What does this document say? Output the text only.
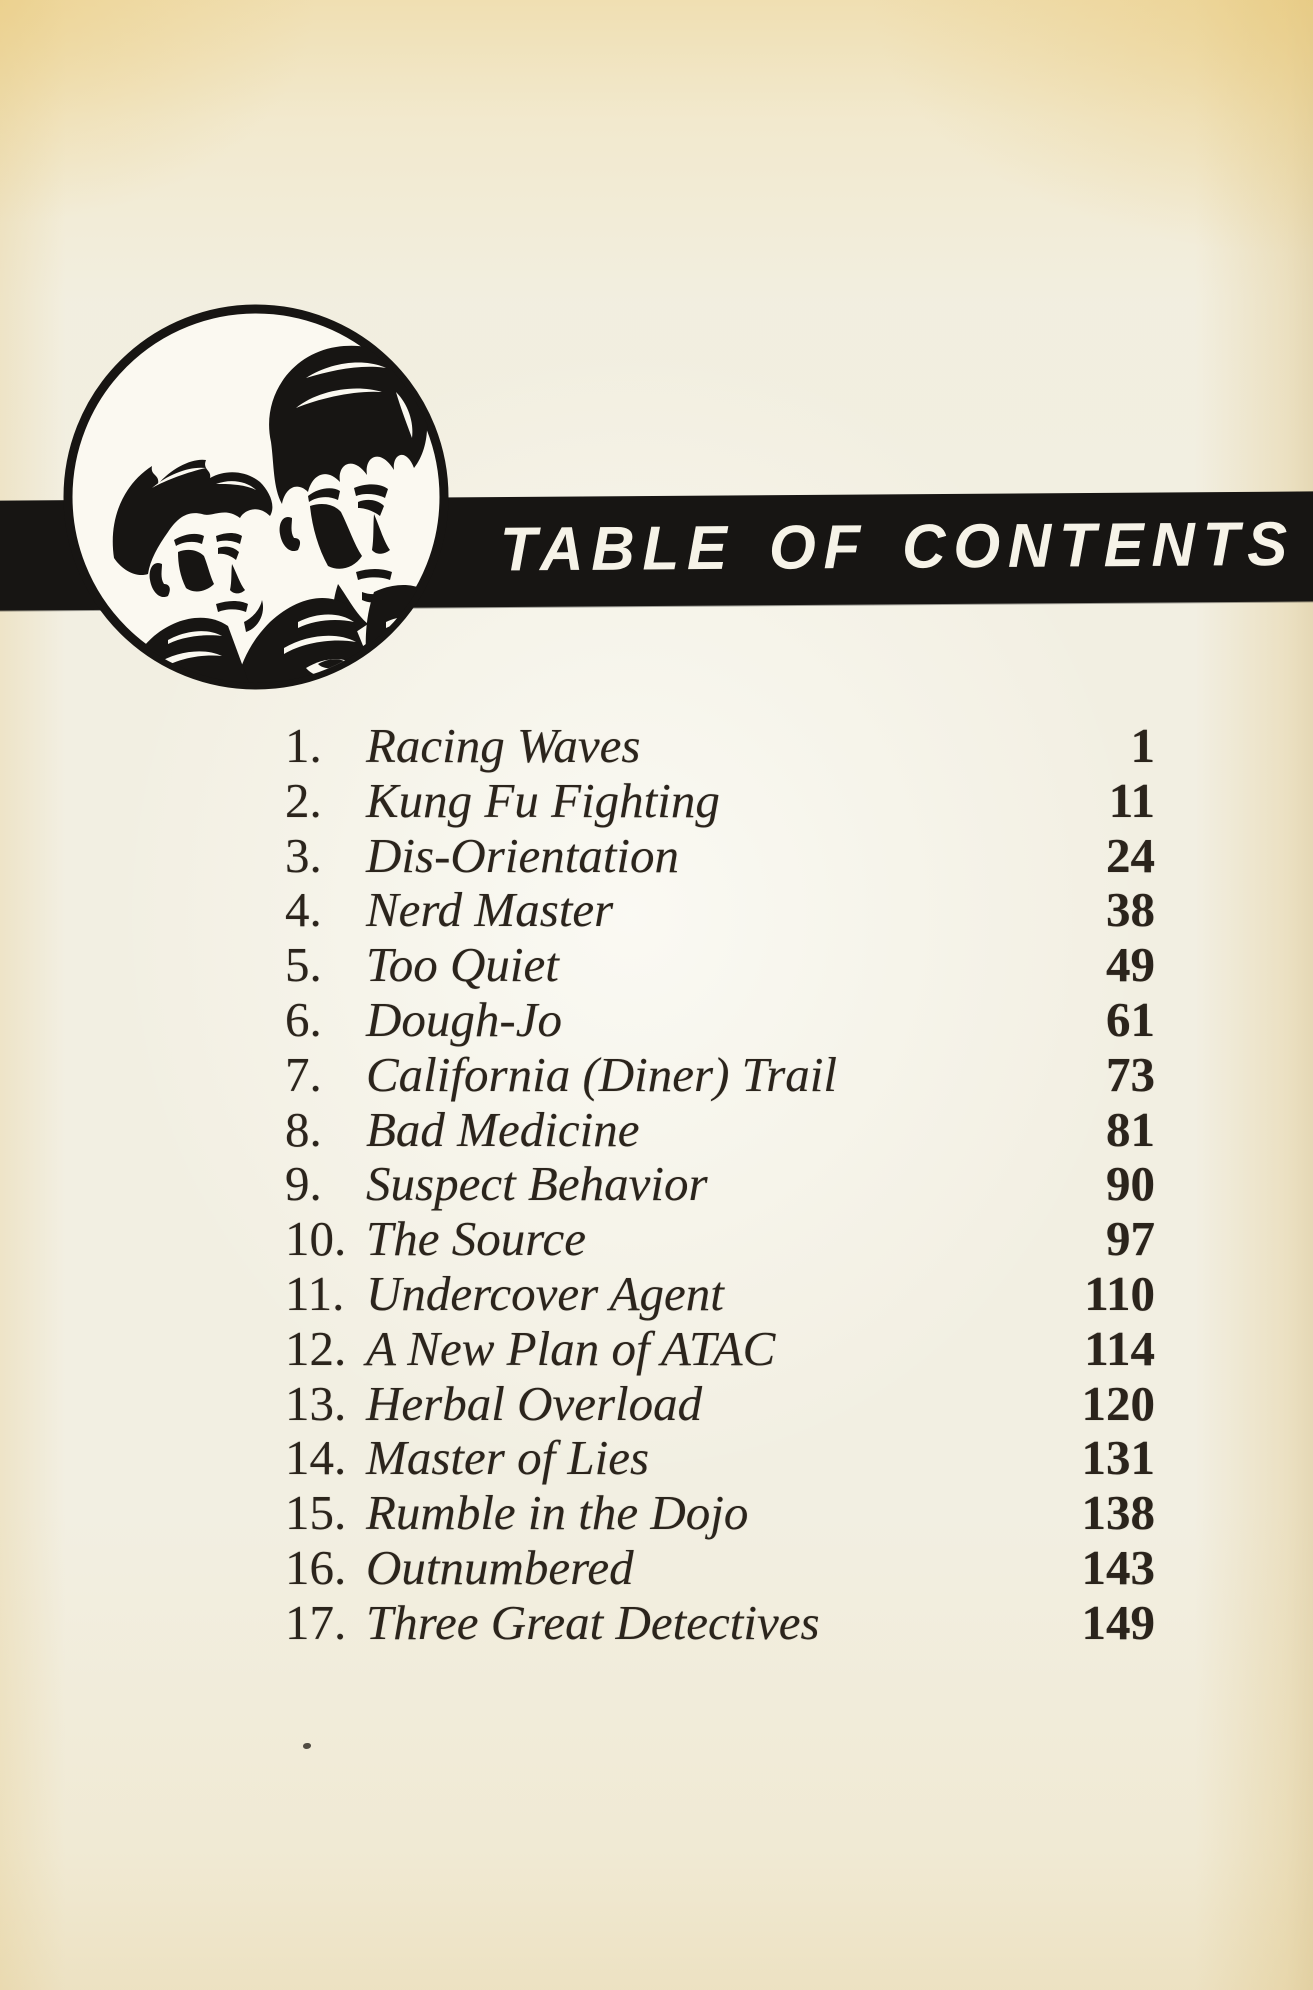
TABLE OF CONTENTS
1. Racing Waves	1
2. Kung Fu Fighting	11
3. Dis-Orientation	24
4. Nerd Master	38
5. Too Quiet	49
6. Dough-Jo	61
7. California (Diner) Trail	73
8. Bad Medicine	81
9. Suspect Behavior	90
10. The Source	97
11. Undercover Agent	110
12. A New Plan of ATAC	114
13. Herbal Overload	120
14. Master of Lies	131
15. Rumble in the Dojo	138
16. Outnumbered	143
17. Three Great Detectives	149
